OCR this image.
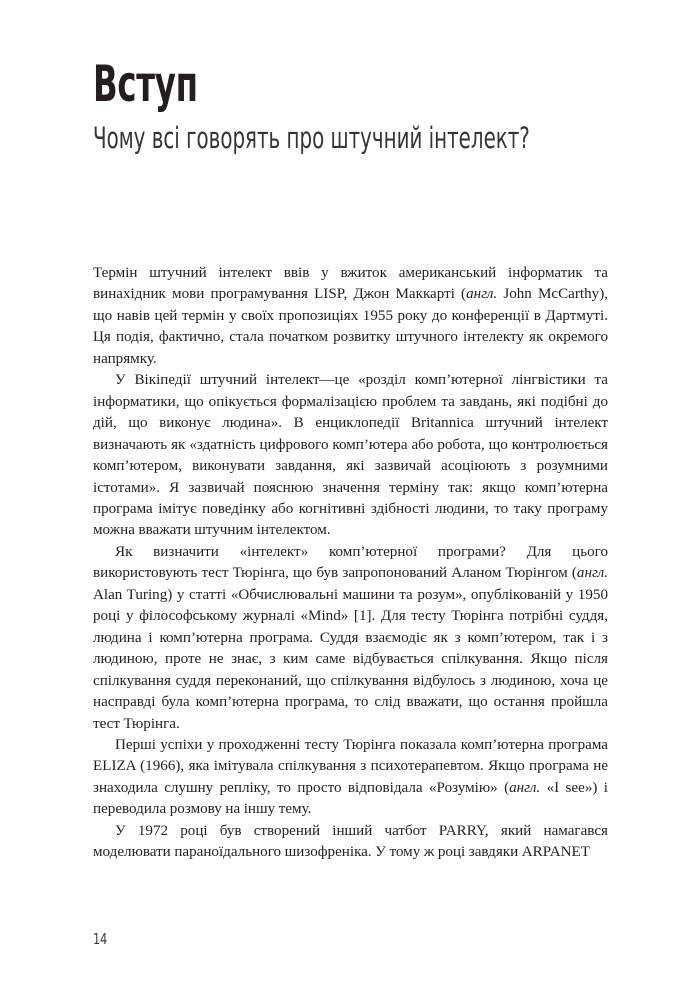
Вступ
Чому всі говорять про штучний інтелект?

Термін штучний інтелект ввів у вжиток американський інформатик та винахідник мови програмування LISP, Джон Маккарті (англ. John McCarthy), що навів цей термін у своїх пропозиціях 1955 року до конференції в Дартмуті. Ця подія, фактично, стала початком розвитку штучного інтелекту як окремого напрямку.

У Вікіпедії штучний інтелект—це «розділ комп’ютерної лінгвістики та інформатики, що опікується формалізацією проблем та завдань, які подібні до дій, що виконує людина». В енциклопедії Britannica штучний інтелект визначають як «здатність цифрового комп’ютера або робота, що контролюється комп’ютером, виконувати завдання, які зазвичай асоціюють з розумними істотами». Я зазвичай пояснюю значення терміну так: якщо комп’ютерна програма імітує поведінку або когнітивні здібності людини, то таку програму можна вважати штучним інтелектом.

Як визначити «інтелект» комп’ютерної програми? Для цього використовують тест Тюрінга, що був запропонований Аланом Тюрінгом (англ. Alan Turing) у статті «Обчислювальні машини та розум», опублікованій у 1950 році у філософському журналі «Mind» [1]. Для тесту Тюрінга потрібні суддя, людина і комп’ютерна програма. Суддя взаємодіє як з комп’ютером, так і з людиною, проте не знає, з ким саме відбувається спілкування. Якщо після спілкування суддя переконаний, що спілкування відбулось з людиною, хоча це насправді була комп’ютерна програма, то слід вважати, що остання пройшла тест Тюрінга.

Перші успіхи у проходженні тесту Тюрінга показала комп’ютерна програма ELIZA (1966), яка імітувала спілкування з психотерапевтом. Якщо програма не знаходила слушну репліку, то просто відповідала «Розумію» (англ. «I see») і переводила розмову на іншу тему.

У 1972 році був створений інший чатбот PARRY, який намагався моделювати параноїдального шизофреніка. У тому ж році завдяки ARPANET

14
